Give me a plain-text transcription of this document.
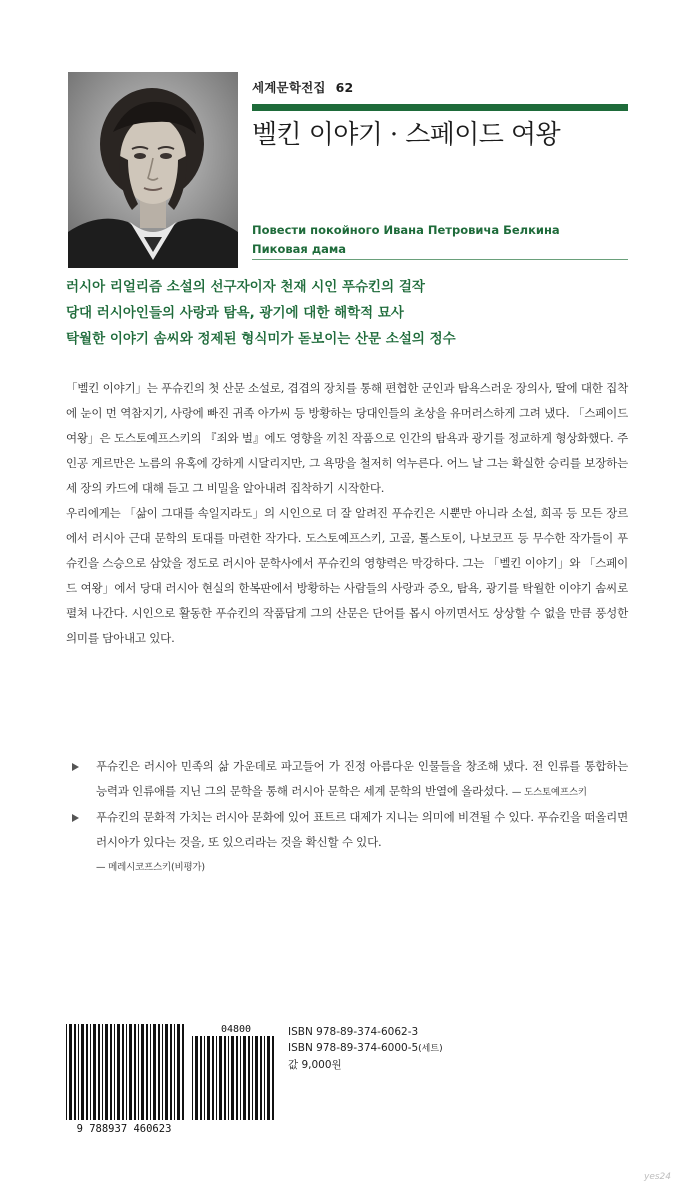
세계문학전집 62
벨킨 이야기 · 스페이드 여왕
Повести покойного Ивана Петровича Белкина
Пиковая дама
러시아 리얼리즘 소설의 선구자이자 천재 시인 푸슈킨의 걸작
당대 러시아인들의 사랑과 탐욕, 광기에 대한 해학적 묘사
탁월한 이야기 솜씨와 정제된 형식미가 돋보이는 산문 소설의 정수

「벨킨 이야기」는 푸슈킨의 첫 산문 소설로, 겹겹의 장치를 통해 편협한 군인과 탐욕스러운 장의사, 딸에 대한 집착에 눈이 먼 역참지기, 사랑에 빠진 귀족 아가씨 등 방황하는 당대인들의 초상을 유머러스하게 그려 냈다. 「스페이드 여왕」은 도스토예프스키의 『죄와 벌』에도 영향을 끼친 작품으로 인간의 탐욕과 광기를 정교하게 형상화했다. 주인공 게르만은 노름의 유혹에 강하게 시달리지만, 그 욕망을 철저히 억누른다. 어느 날 그는 확실한 승리를 보장하는 세 장의 카드에 대해 듣고 그 비밀을 알아내려 집착하기 시작한다.

우리에게는 「삶이 그대를 속일지라도」의 시인으로 더 잘 알려진 푸슈킨은 시뿐만 아니라 소설, 희곡 등 모든 장르에서 러시아 근대 문학의 토대를 마련한 작가다. 도스토예프스키, 고골, 톨스토이, 나보코프 등 무수한 작가들이 푸슈킨을 스승으로 삼았을 정도로 러시아 문학사에서 푸슈킨의 영향력은 막강하다. 그는 「벨킨 이야기」와 「스페이드 여왕」에서 당대 러시아 현실의 한복판에서 방황하는 사람들의 사랑과 증오, 탐욕, 광기를 탁월한 이야기 솜씨로 펼쳐 나간다. 시인으로 활동한 푸슈킨의 작품답게 그의 산문은 단어를 몹시 아끼면서도 상상할 수 없을 만큼 풍성한 의미를 담아내고 있다.

푸슈킨은 러시아 민족의 삶 가운데로 파고들어 가 진정 아름다운 인물들을 창조해 냈다. 전 인류를 통합하는 능력과 인류애를 지닌 그의 문학을 통해 러시아 문학은 세계 문학의 반열에 올라섰다. — 도스토예프스키
푸슈킨의 문화적 가치는 러시아 문화에 있어 표트르 대제가 지니는 의미에 비견될 수 있다. 푸슈킨을 떠올리면 러시아가 있다는 것을, 또 있으리라는 것을 확신할 수 있다.
— 메레시코프스키(비평가)
04800
9 788937 460623
ISBN 978-89-374-6062-3
ISBN 978-89-374-6000-5(세트)
값 9,000원
yes24
